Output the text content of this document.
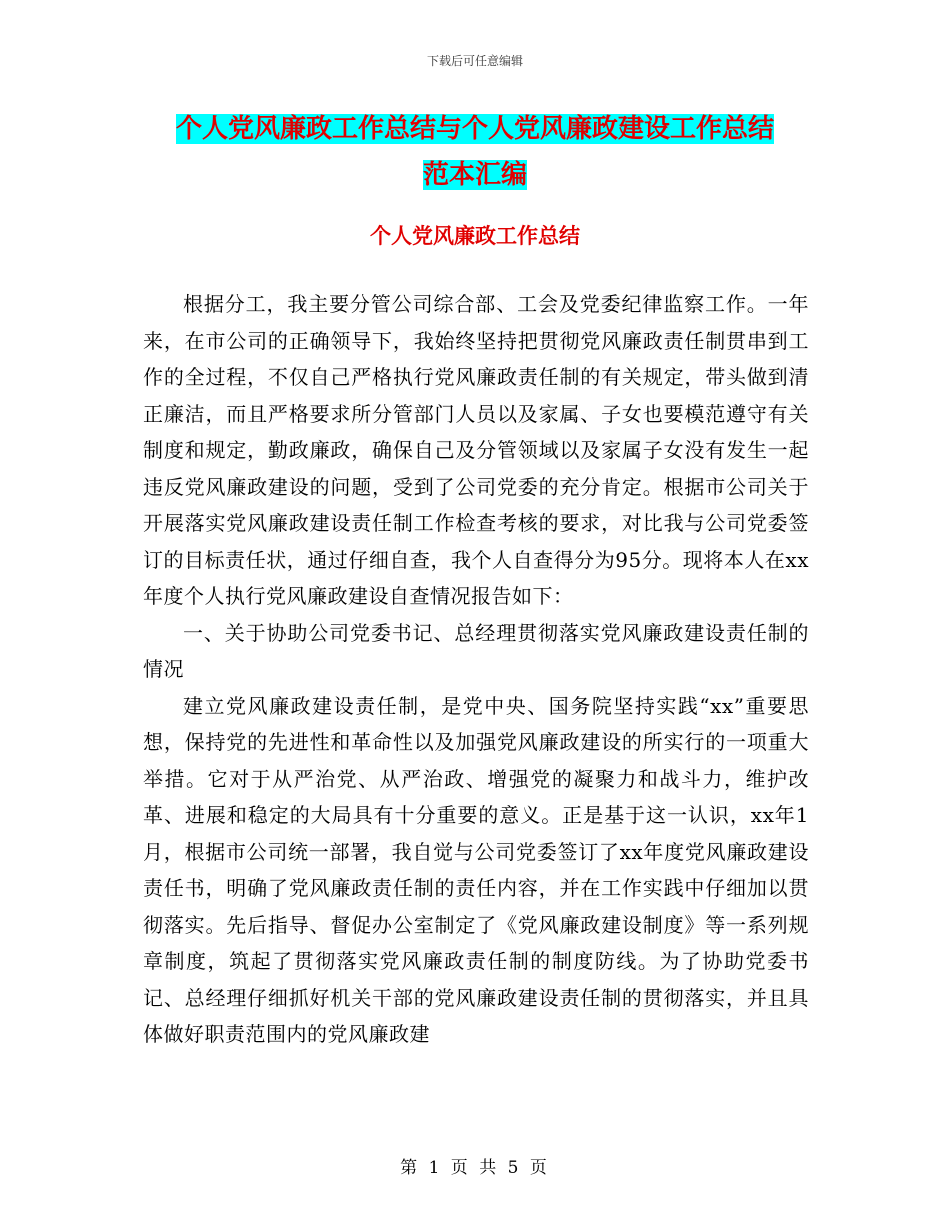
下载后可任意编辑
个人党风廉政工作总结与个人党风廉政建设工作总结
范本汇编
个人党风廉政工作总结

根据分工，我主要分管公司综合部、工会及党委纪律监察工作。一年来，在市公司的正确领导下，我始终坚持把贯彻党风廉政责任制贯串到工作的全过程，不仅自己严格执行党风廉政责任制的有关规定，带头做到清正廉洁，而且严格要求所分管部门人员以及家属、子女也要模范遵守有关制度和规定，勤政廉政，确保自己及分管领域以及家属子女没有发生一起违反党风廉政建设的问题，受到了公司党委的充分肯定。根据市公司关于开展落实党风廉政建设责任制工作检查考核的要求，对比我与公司党委签订的目标责任状，通过仔细自查，我个人自查得分为95分。现将本人在xx年度个人执行党风廉政建设自查情况报告如下：

一、关于协助公司党委书记、总经理贯彻落实党风廉政建设责任制的情况

建立党风廉政建设责任制，是党中央、国务院坚持实践“xx”重要思想，保持党的先进性和革命性以及加强党风廉政建设的所实行的一项重大举措。它对于从严治党、从严治政、增强党的凝聚力和战斗力，维护改革、进展和稳定的大局具有十分重要的意义。正是基于这一认识，xx年1月，根据市公司统一部署，我自觉与公司党委签订了xx年度党风廉政建设责任书，明确了党风廉政责任制的责任内容，并在工作实践中仔细加以贯彻落实。先后指导、督促办公室制定了《党风廉政建设制度》等一系列规章制度，筑起了贯彻落实党风廉政责任制的制度防线。为了协助党委书记、总经理仔细抓好机关干部的党风廉政建设责任制的贯彻落实，并且具体做好职责范围内的党风廉政建

第 1 页 共 5 页
